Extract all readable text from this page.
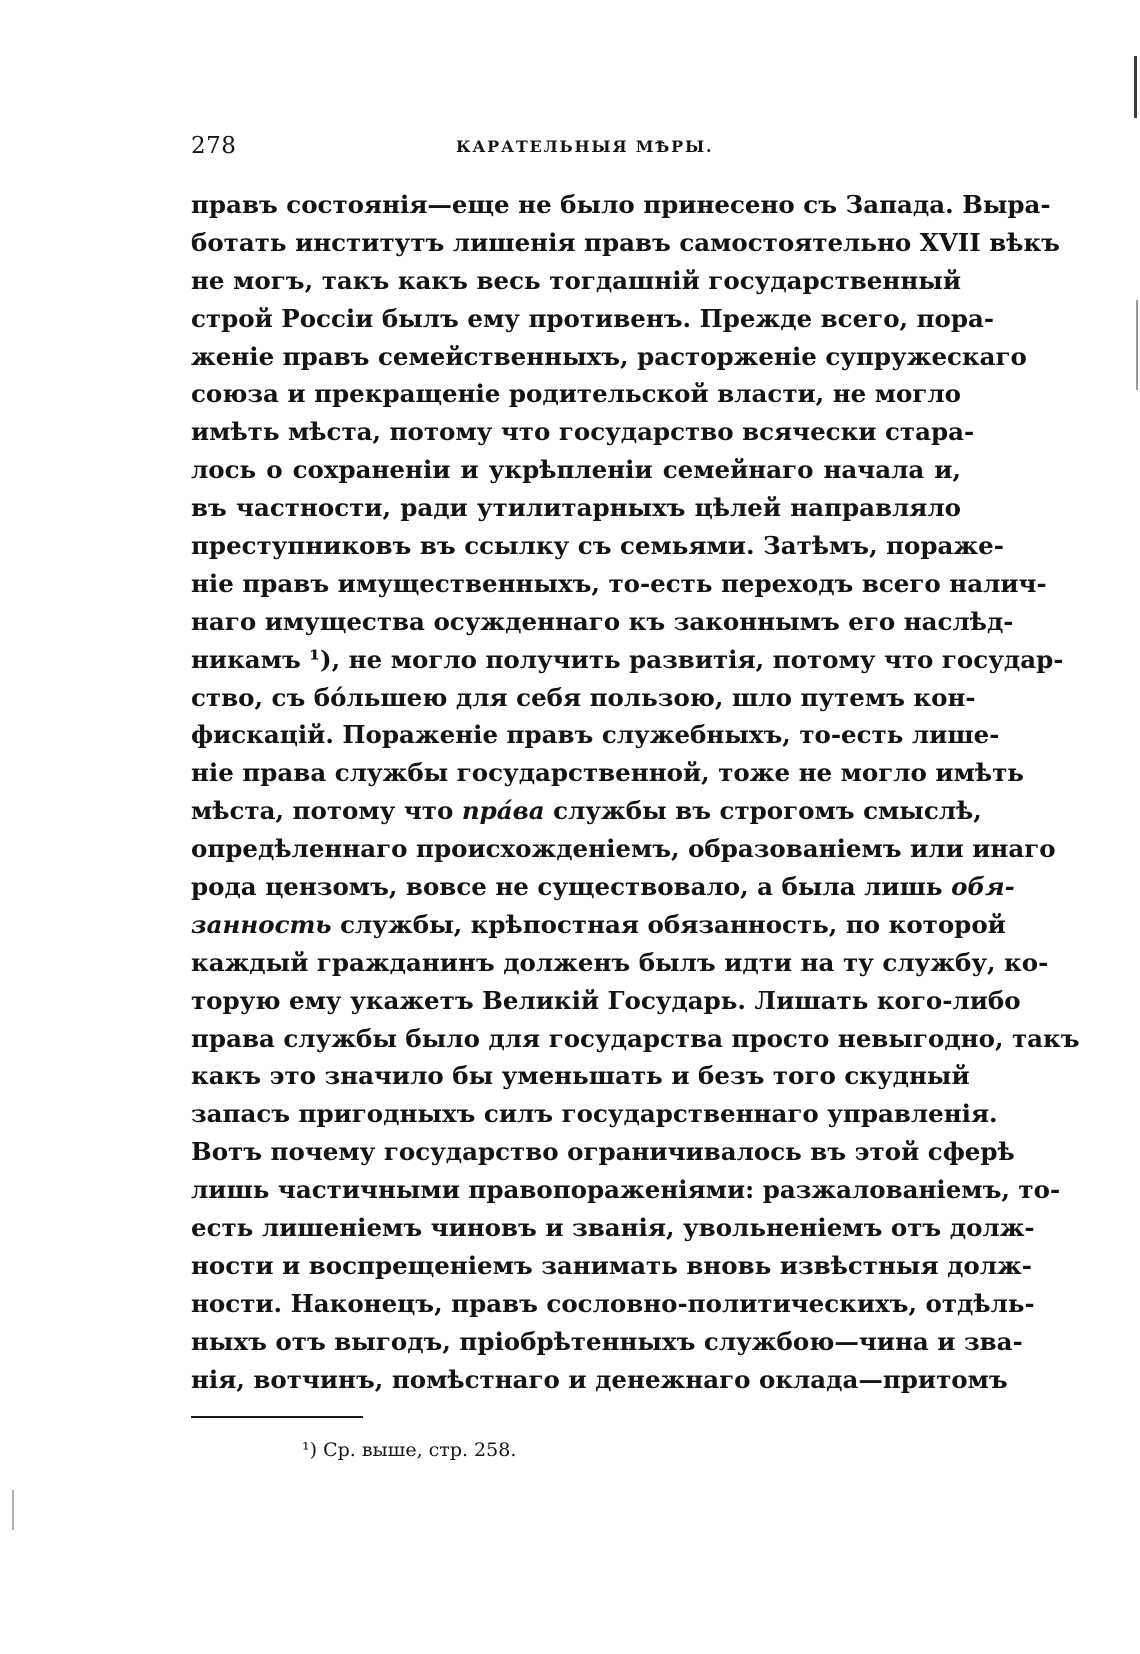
278	КАРАТЕЛЬНЫЯ МѢРЫ.
правъ состоянія—еще не было принесено съ Запада. Выра-
ботать институтъ лишенія правъ самостоятельно XVII вѣкъ
не могъ, такъ какъ весь тогдашній государственный
строй Россіи былъ ему противенъ. Прежде всего, пора-
женіе правъ семейственныхъ, расторженіе супружескаго
союза и прекращеніе родительской власти, не могло
имѣть мѣста, потому что государство всячески стара-
лось о сохраненіи и укрѣпленіи семейнаго начала и,
въ частности, ради утилитарныхъ цѣлей направляло
преступниковъ въ ссылку съ семьями. Затѣмъ, пораже-
ніе правъ имущественныхъ, то-есть переходъ всего налич-
наго имущества осужденнаго къ законнымъ его наслѣд-
никамъ ¹), не могло получить развитія, потому что государ-
ство, съ бо́льшею для себя пользою, шло путемъ кон-
фискацій. Пораженіе правъ служебныхъ, то-есть лише-
ніе права службы государственной, тоже не могло имѣть
мѣста, потому что пра́ва службы въ строгомъ смыслѣ,
опредѣленнаго происхожденіемъ, образованіемъ или инаго
рода цензомъ, вовсе не существовало, а была лишь обя-
занность службы, крѣпостная обязанность, по которой
каждый гражданинъ долженъ былъ идти на ту службу, ко-
торую ему укажетъ Великій Государь. Лишать кого-либо
права службы было для государства просто невыгодно, такъ
какъ это значило бы уменьшать и безъ того скудный
запасъ пригодныхъ силъ государственнаго управленія.
Вотъ почему государство ограничивалось въ этой сферѣ
лишь частичными правопораженіями: разжалованіемъ, то-
есть лишеніемъ чиновъ и званія, увольненіемъ отъ долж-
ности и воспрещеніемъ занимать вновь извѣстныя долж-
ности. Наконецъ, правъ сословно-политическихъ, отдѣль-
ныхъ отъ выгодъ, пріобрѣтенныхъ службою—чина и зва-
нія, вотчинъ, помѣстнаго и денежнаго оклада—притомъ
¹) Ср. выше, стр. 258.
